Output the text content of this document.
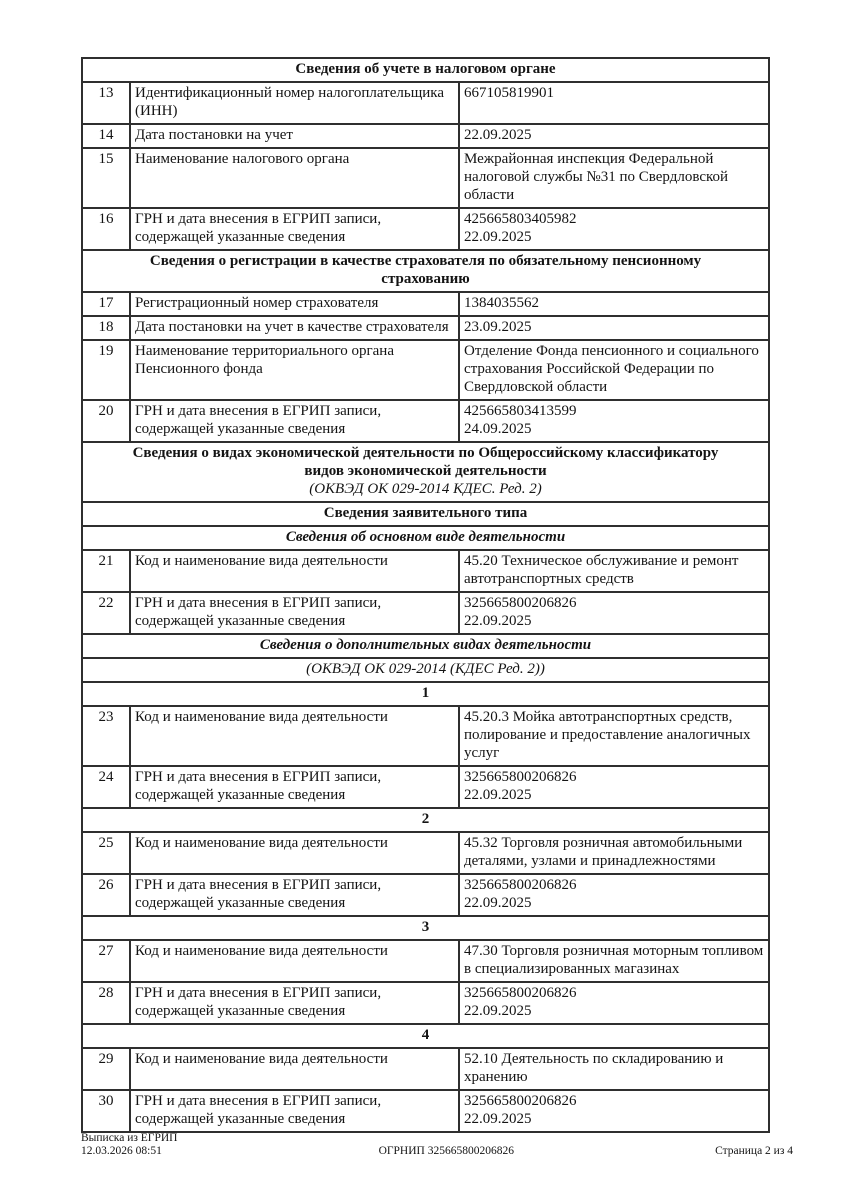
Сведения об учете в налоговом органе		

13	Идентификационный номер налогоплательщика (ИНН)	667105819901

14	Дата постановки на учет	22.09.2025

15	Наименование налогового органа	Межрайонная инспекция Федеральной налоговой службы №31 по Свердловской области

16	ГРН и дата внесения в ЕГРИП записи, содержащей указанные сведения	425665803405982
22.09.2025

Сведения о регистрации в качестве страхователя по обязательному пенсионному
страхованию		

17	Регистрационный номер страхователя	1384035562

18	Дата постановки на учет в качестве страхователя	23.09.2025

19	Наименование территориального органа Пенсионного фонда	Отделение Фонда пенсионного и социального страхования Российской Федерации по Свердловской области

20	ГРН и дата внесения в ЕГРИП записи, содержащей указанные сведения	425665803413599
24.09.2025

Сведения о видах экономической деятельности по Общероссийскому классификатору
видов экономической деятельности
(ОКВЭД ОК 029-2014 КДЕС. Ред. 2)		

Сведения заявительного типа		

Сведения об основном виде деятельности		

21	Код и наименование вида деятельности	45.20 Техническое обслуживание и ремонт автотранспортных средств

22	ГРН и дата внесения в ЕГРИП записи, содержащей указанные сведения	325665800206826
22.09.2025

Сведения о дополнительных видах деятельности		

(ОКВЭД ОК 029-2014 (КДЕС Ред. 2))		

1		

23	Код и наименование вида деятельности	45.20.3 Мойка автотранспортных средств, полирование и предоставление аналогичных услуг

24	ГРН и дата внесения в ЕГРИП записи, содержащей указанные сведения	325665800206826
22.09.2025

2		

25	Код и наименование вида деятельности	45.32 Торговля розничная автомобильными деталями, узлами и принадлежностями

26	ГРН и дата внесения в ЕГРИП записи, содержащей указанные сведения	325665800206826
22.09.2025

3		

27	Код и наименование вида деятельности	47.30 Торговля розничная моторным топливом в специализированных магазинах

28	ГРН и дата внесения в ЕГРИП записи, содержащей указанные сведения	325665800206826
22.09.2025

4		

29	Код и наименование вида деятельности	52.10 Деятельность по складированию и хранению

30	ГРН и дата внесения в ЕГРИП записи, содержащей указанные сведения	325665800206826
22.09.2025
Выписка из ЕГРИП
12.03.2026 08:51	ОГРНИП 325665800206826	Страница 2 из 4
